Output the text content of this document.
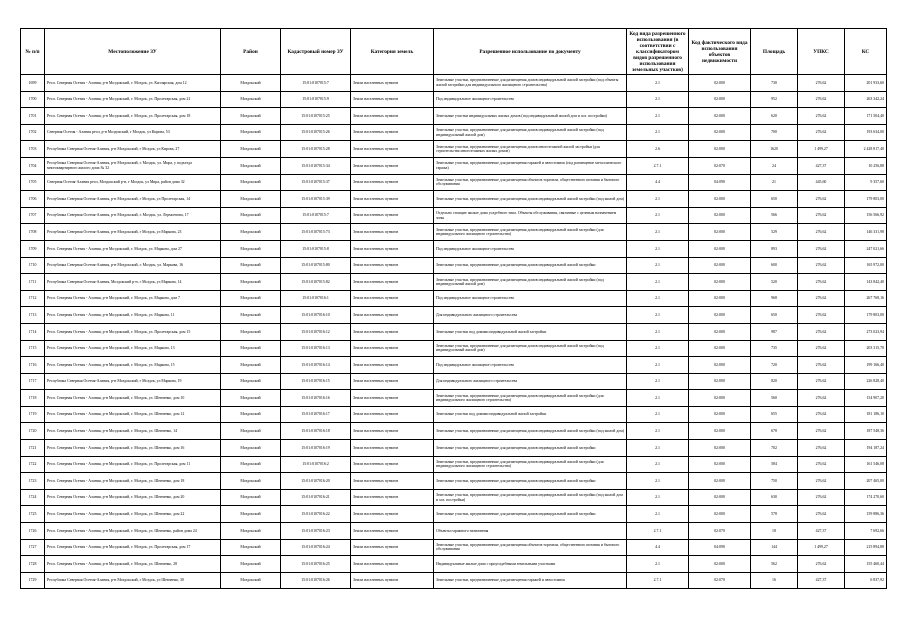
№ п/п	Местоположение ЗУ	Район	Кадастровый номер ЗУ	Категория земель	Разрешенное использование по документу	Код вида разрешенного использования (в соответствии с классификатором видов разрешенного использования земельных участков)	Код фактического вида использования объектов недвижимости	Площадь	УПКС	КС

1699	Респ. Северная Осетия - Алания, р-н Моздокский, г. Моздок, ул. Кизлярская, дом 12	Моздокский	15:01:0107015:7	Земли населенных пунктов	Земельные участки, предназначенные для размещения домов индивидуальной жилой застройки (под объекты жилой застройки для индивидуального жилищного строительства)	2.1	02:000	730	276,62	201 933,60

1700	Респ. Северная Осетия - Алания, р-н Моздокский, г. Моздок, ул. Пролетарская, дом 21	Моздокский	15:01:0107015:9	Земли населенных пунктов	Под индивидуальное жилищное строительство	2.1	02:000	952	276,62	263 342,24

1701	Респ. Северная Осетия - Алания, р-н Моздокский, г. Моздок, ул. Пролетарская, дом 18	Моздокский	15:01:0107015:25	Земли населенных пунктов	Земельные участки индивидуальных жилых домов (под индивидуальный жилой дом и хоз. постройки)	2.1	02:000	620	276,62	171 504,40

1702	Северная Осетия - Алания респ, р-н Моздокский, г Моздок, ул Кирова, 53	Моздокский	15:01:0107015:26	Земли населенных пунктов	Земельные участки, предназначенные для размещения домов индивидуальной жилой застройки (под индивидуальный жилой дом)	2.1	02:000	700	276,62	193 634,00

1703	Республика Северная Осетия-Алания, р-н Моздокский, г Моздок, ул Кирова, 27	Моздокский	15:01:0107015:28	Земли населенных пунктов	Земельные участки, предназначенные для размещения домов многоэтажной жилой застройки (для строительства многоэтажных жилых домов)	2.6	02:000	1620	1 499,27	2 428 817,40

1704	Республика Северная Осетия-Алания, р-н Моздокский, г. Моздок, ул. Мира, у подъезда многоквартирного жилого дома № 32	Моздокский	15:01:0107015:34	Земли населенных пунктов	Земельные участки, предназначенные для размещения гаражей и автостоянок (под размещение металлического гаража)	2.7.1	02:070	24	427,37	10 256,88

1705	Северная Осетия-Алания респ, Моздокский р-н, г Моздок, ул Мира, район дома 32	Моздокский	15:01:0107015:37	Земли населенных пунктов	Земельные участки, предназначенные для размещения объектов торговли, общественного питания и бытового обслуживания	4.4	04:090	21	445,60	9 357,60

1706	Республика Северная Осетия-Алания, р-н Моздокский, г Моздок, ул Пролетарская, 14	Моздокский	15:01:0107015:39	Земли населенных пунктов	Земельные участки, предназначенные для размещения домов индивидуальной жилой застройки (под жилой дом)	2.1	02:000	650	276,62	179 803,00

1707	Республика Северная Осетия-Алания, р-н Моздокский, г. Моздок, ул. Лермонтова, 17	Моздокский	15:01:0107015:7	Земли населенных пунктов	Отдельно стоящие жилые дома усадебного типа. Объекты обслуживания, связанные с целевым назначением зоны	2.1	02:000	566	276,62	156 566,92

1708	Республика Северная Осетия-Алания, р-н Моздокский, г Моздок, ул Маркова, 23	Моздокский	15:01:0107015:73	Земли населенных пунктов	Земельные участки, предназначенные для размещения домов индивидуальной жилой застройки (для индивидуального жилищного строительства)	2.1	02:000	529	276,62	146 331,98

1709	Респ. Северная Осетия - Алания, р-н Моздокский, г. Моздок, ул. Маркова, дом 27	Моздокский	15:01:0107015:8	Земли населенных пунктов	Под индивидуальное жилищное строительство	2.1	02:000	893	276,62	247 021,66

1710	Республика Северная Осетия-Алания, р-н Моздокский, г. Моздок, ул. Маркова, 16	Моздокский	15:01:0107015:80	Земли населенных пунктов	Земельные участки, предназначенные для размещения домов индивидуальной жилой застройки	2.1	02:000	600	276,62	165 972,00

1711	Республика Северная Осетия-Алания, Моздокский р-н, г Моздок, ул Маркова, 14	Моздокский	15:01:0107015:82	Земли населенных пунктов	Земельные участки, предназначенные для размещения домов индивидуальной жилой застройки (под индивидуальный жилой дом)	2.1	02:000	520	276,62	143 842,40

1712	Респ. Северная Осетия - Алания, р-н Моздокский, г. Моздок, ул. Маркова, дом 7	Моздокский	15:01:0107016:1	Земли населенных пунктов	Под индивидуальное жилищное строительство	2.1	02:000	968	276,62	267 768,16

1713	Респ. Северная Осетия - Алания, р-н Моздокский, г. Моздок, ул. Маркова, 11	Моздокский	15:01:0107016:10	Земли населенных пунктов	Для индивидуального жилищного строительства	2.1	02:000	650	276,62	179 803,00

1714	Респ. Северная Осетия - Алания, р-н Моздокский, г. Моздок, ул. Пролетарская, дом 15	Моздокский	15:01:0107016:12	Земли населенных пунктов	Земельные участки под домами индивидуальной жилой застройки	2.1	02:000	987	276,62	273 023,94

1715	Респ. Северная Осетия - Алания, р-н Моздокский, г. Моздок, ул. Маркова, 13	Моздокский	15:01:0107016:13	Земли населенных пунктов	Земельные участки, предназначенные для размещения домов индивидуальной жилой застройки (под индивидуальный жилой дом)	2.1	02:000	735	276,62	203 315,70

1716	Респ. Северная Осетия - Алания, р-н Моздокский, г. Моздок, ул. Маркова, 15	Моздокский	15:01:0107016:14	Земли населенных пунктов	Под индивидуальное жилищное строительство	2.1	02:000	720	276,62	199 166,40

1717	Республика Северная Осетия-Алания, р-н Моздокский, г Моздок, ул Маркова, 19	Моздокский	15:01:0107016:15	Земли населенных пунктов	Для индивидуального жилищного строительства	2.1	02:000	820	276,62	226 828,40

1718	Респ. Северная Осетия - Алания, р-н Моздокский, г. Моздок, ул. Шевченко, дом 10	Моздокский	15:01:0107016:16	Земли населенных пунктов	Земельные участки, предназначенные для размещения домов индивидуальной жилой застройки (для индивидуального жилищного строительства)	2.1	02:000	560	276,62	154 907,20

1719	Респ. Северная Осетия - Алания, р-н Моздокский, г. Моздок, ул. Шевченко, дом 12	Моздокский	15:01:0107016:17	Земли населенных пунктов	Земельные участки под домами индивидуальной жилой застройки	2.1	02:000	655	276,62	181 186,10

1720	Респ. Северная Осетия - Алания, р-н Моздокский, г. Моздок, ул. Шевченко, 14	Моздокский	15:01:0107016:18	Земли населенных пунктов	Земельные участки, предназначенные для размещения домов индивидуальной жилой застройки (под жилой дом)	2.1	02:000	678	276,62	187 548,36

1721	Респ. Северная Осетия - Алания, р-н Моздокский, г. Моздок, ул. Шевченко, дом 16	Моздокский	15:01:0107016:19	Земли населенных пунктов	Земельные участки, предназначенные для размещения домов индивидуальной жилой застройки	2.1	02:000	702	276,62	194 187,24

1722	Респ. Северная Осетия - Алания, р-н Моздокский, г. Моздок, ул. Пролетарская, дом 11	Моздокский	15:01:0107016:2	Земли населенных пунктов	Земельные участки, предназначенные для размещения домов индивидуальной жилой застройки (для индивидуального жилищного строительства)	2.1	02:000	584	276,62	161 546,08

1723	Респ. Северная Осетия - Алания, р-н Моздокский, г. Моздок, ул. Шевченко, дом 18	Моздокский	15:01:0107016:20	Земли населенных пунктов	Земельные участки, предназначенные для размещения домов индивидуальной жилой застройки	2.1	02:000	750	276,62	207 465,00

1724	Респ. Северная Осетия - Алания, р-н Моздокский, г. Моздок, ул. Шевченко, дом 20	Моздокский	15:01:0107016:21	Земли населенных пунктов	Земельные участки, предназначенные для размещения домов индивидуальной жилой застройки (под жилой дом и хоз. постройки)	2.1	02:000	630	276,62	174 270,60

1725	Респ. Северная Осетия - Алания, р-н Моздокский, г. Моздок, ул. Шевченко, дом 22	Моздокский	15:01:0107016:22	Земли населенных пунктов	Земельные участки, предназначенные для размещения домов индивидуальной жилой застройки	2.1	02:000	578	276,62	159 886,36

1726	Респ. Северная Осетия - Алания, р-н Моздокский, г. Моздок, ул. Шевченко, район дома 24	Моздокский	15:01:0107016:23	Земли населенных пунктов	Объекты гаражного назначения	2.7.1	02:070	18	427,37	7 692,66

1727	Респ. Северная Осетия - Алания, р-н Моздокский, г. Моздок, ул. Пролетарская, дом 17	Моздокский	15:01:0107016:24	Земли населенных пунктов	Земельные участки, предназначенные для размещения объектов торговли, общественного питания и бытового обслуживания	4.4	04:090	144	1 499,27	215 894,88

1728	Респ. Северная Осетия - Алания, р-н Моздокский, г. Моздок, ул. Шевченко, 28	Моздокский	15:01:0107016:25	Земли населенных пунктов	Индивидуальные жилые дома с приусадебными земельными участками	2.1	02:000	562	276,62	155 460,44

1729	Республика Северная Осетия-Алания, р-н Моздокский, г Моздок, ул Шевченко, 30	Моздокский	15:01:0107016:26	Земли населенных пунктов	Земельные участки, предназначенные для размещения гаражей и автостоянок	2.7.1	02:070	16	427,37	6 837,92
